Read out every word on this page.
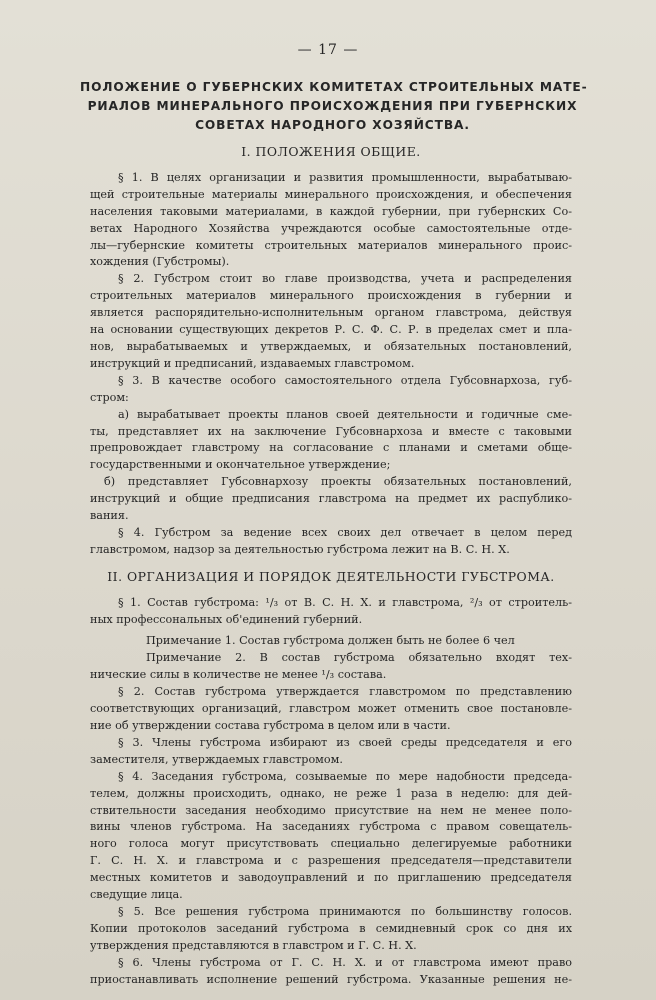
— 17 —
ПОЛОЖЕНИЕ О ГУБЕРНСКИХ КОМИТЕТАХ СТРОИТЕЛЬНЫХ МАТЕ-
РИАЛОВ МИНЕРАЛЬНОГО ПРОИСХОЖДЕНИЯ ПРИ ГУБЕРНСКИХ
СОВЕТАХ НАРОДНОГО ХОЗЯЙСТВА.
I. ПОЛОЖЕНИЯ ОБЩИЕ.
§ 1. В целях организации и развития промышленности, вырабатываю-
щей строительные материалы минерального происхождения, и обеспечения
населения таковыми материалами, в каждой губернии, при губернских Со-
ветах Народного Хозяйства учреждаются особые самостоятельные отде-
лы—губернские комитеты строительных материалов минерального проис-
хождения (Губстромы).
§ 2. Губстром стоит во главе производства, учета и распределения
строительных материалов минерального происхождения в губернии и
является распорядительно-исполнительным органом главстрома, действуя
на основании существующих декретов Р. С. Ф. С. Р. в пределах смет и пла-
нов, вырабатываемых и утверждаемых, и обязательных постановлений,
инструкций и предписаний, издаваемых главстромом.
§ 3. В качестве особого самостоятельного отдела Губсовнархоза, губ-
стром:
а) вырабатывает проекты планов своей деятельности и годичные сме-
ты, представляет их на заключение Губсовнархоза и вместе с таковыми
препровождает главстрому на согласование с планами и сметами обще-
государственными и окончательное утверждение;
б) представляет Губсовнархозу проекты обязательных постановлений,
инструкций и общие предписания главстрома на предмет их распублико-
вания.
§ 4. Губстром за ведение всех своих дел отвечает в целом перед
главстромом, надзор за деятельностью губстрома лежит на В. С. Н. Х.
II. ОРГАНИЗАЦИЯ И ПОРЯДОК ДЕЯТЕЛЬНОСТИ ГУБСТРОМА.
§ 1. Состав губстрома: ¹/₃ от В. С. Н. Х. и главстрома, ²/₃ от строитель-
ных профессональных об'единений губерний.
Примечание 1. Состав губстрома должен быть не более 6 чел
Примечание 2. В состав губстрома обязательно входят тех-
нические силы в количестве не менее ¹/₃ состава.
§ 2. Состав губстрома утверждается главстромом по представлению
соответствующих организаций, главстром может отменить свое постановле-
ние об утверждении состава губстрома в целом или в части.
§ 3. Члены губстрома избирают из своей среды председателя и его
заместителя, утверждаемых главстромом.
§ 4. Заседания губстрома, созываемые по мере надобности председа-
телем, должны происходить, однако, не реже 1 раза в неделю: для дей-
ствительности заседания необходимо присутствие на нем не менее поло-
вины членов губстрома. На заседаниях губстрома с правом совещатель-
ного голоса могут присутствовать специально делегируемые работники
Г. С. Н. Х. и главстрома и с разрешения председателя—представители
местных комитетов и заводоуправлений и по приглашению председателя
сведущие лица.
§ 5. Все решения губстрома принимаются по большинству голосов.
Копии протоколов заседаний губстрома в семидневный срок со дня их
утверждения представляются в главстром и Г. С. Н. Х.
§ 6. Члены губстрома от Г. С. Н. Х. и от главстрома имеют право
приостанавливать исполнение решений губстрома. Указанные решения не-
